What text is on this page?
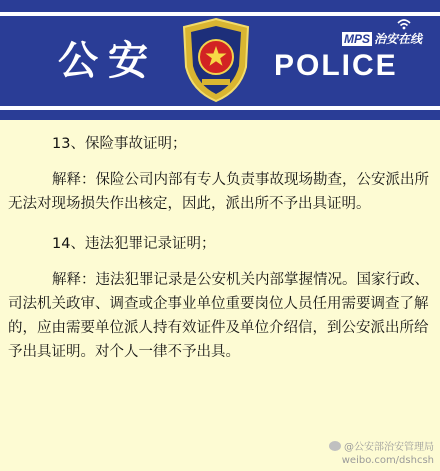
公安	POLICE
MPS 治安在线

13、保险事故证明；

解释：保险公司内部有专人负责事故现场勘查，公安派出所无法对现场损失作出核定，因此，派出所不予出具证明。

14、违法犯罪记录证明；

解释：违法犯罪记录是公安机关内部掌握情况。国家行政、司法机关政审、调查或企事业单位重要岗位人员任用需要调查了解的，应由需要单位派人持有效证件及单位介绍信，到公安派出所给予出具证明。对个人一律不予出具。

@公安部治安管理局
weibo.com/dshcsh
